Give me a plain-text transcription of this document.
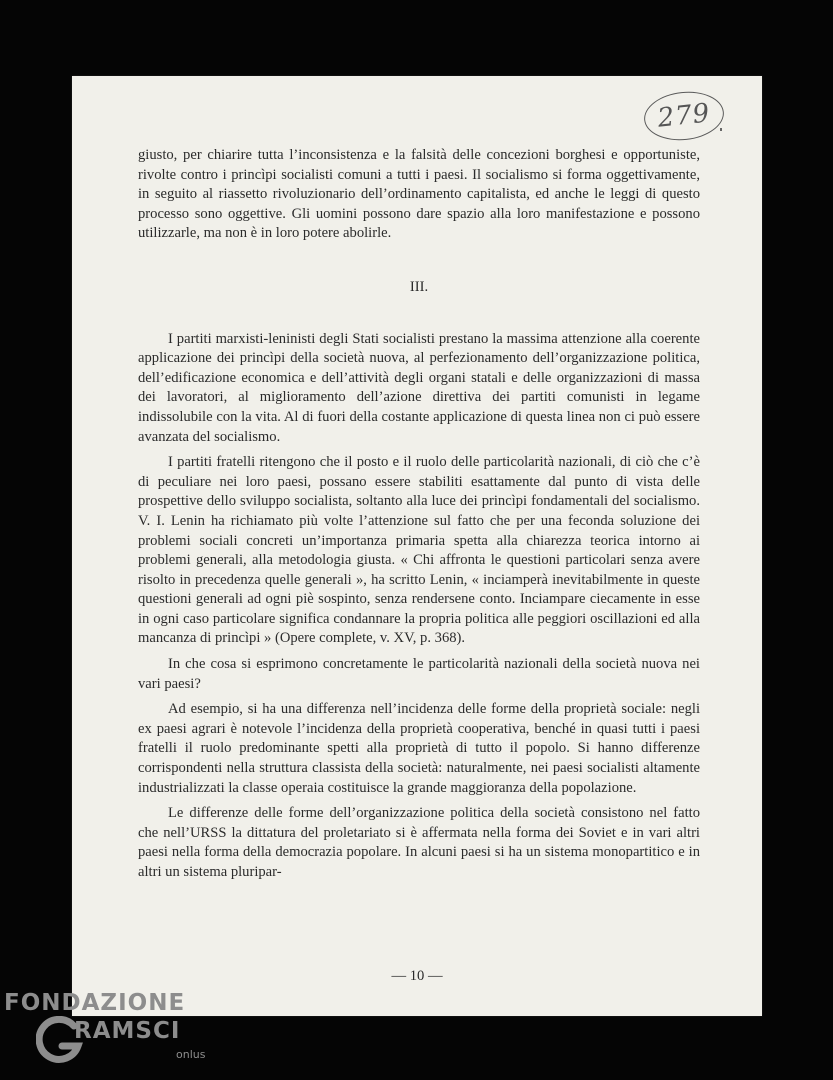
279

giusto, per chiarire tutta l’inconsistenza e la falsità delle concezioni borghesi e opportuniste, rivolte contro i princìpi socialisti comuni a tutti i paesi. Il socialismo si forma oggettivamente, in seguito al riassetto rivoluzionario dell’ordinamento capitalista, ed anche le leggi di questo processo sono oggettive. Gli uomini possono dare spazio alla loro manifestazione e possono utilizzarle, ma non è in loro potere abolirle.

III.

I partiti marxisti-leninisti degli Stati socialisti prestano la massima attenzione alla coerente applicazione dei princìpi della società nuova, al perfezionamento dell’organizzazione politica, dell’edificazione economica e dell’attività degli organi statali e delle organizzazioni di massa dei lavoratori, al miglioramento dell’azione direttiva dei partiti comunisti in legame indissolubile con la vita. Al di fuori della costante applicazione di questa linea non ci può essere avanzata del socialismo.

I partiti fratelli ritengono che il posto e il ruolo delle particolarità nazionali, di ciò che c’è di peculiare nei loro paesi, possano essere stabiliti esattamente dal punto di vista delle prospettive dello sviluppo socialista, soltanto alla luce dei princìpi fondamentali del socialismo. V. I. Lenin ha richiamato più volte l’attenzione sul fatto che per una feconda soluzione dei problemi sociali concreti un’importanza primaria spetta alla chiarezza teorica intorno ai problemi generali, alla metodologia giusta. « Chi affronta le questioni particolari senza avere risolto in precedenza quelle generali », ha scritto Lenin, « inciamperà inevitabilmente in queste questioni generali ad ogni piè sospinto, senza rendersene conto. Inciampare ciecamente in esse in ogni caso particolare significa condannare la propria politica alle peggiori oscillazioni ed alla mancanza di princìpi » (Opere complete, v. XV, p. 368).

In che cosa si esprimono concretamente le particolarità nazionali della società nuova nei vari paesi?

Ad esempio, si ha una differenza nell’incidenza delle forme della proprietà sociale: negli ex paesi agrari è notevole l’incidenza della proprietà cooperativa, benché in quasi tutti i paesi fratelli il ruolo predominante spetti alla proprietà di tutto il popolo. Si hanno differenze corrispondenti nella struttura classista della società: naturalmente, nei paesi socialisti altamente industrializzati la classe operaia costituisce la grande maggioranza della popolazione.

Le differenze delle forme dell’organizzazione politica della società consistono nel fatto che nell’URSS la dittatura del proletariato si è affermata nella forma dei Soviet e in vari altri paesi nella forma della democrazia popolare. In alcuni paesi si ha un sistema monopartitico e in altri un sistema pluripar-

— 10 —
FONDAZIONE
RAMSCI
onlus
